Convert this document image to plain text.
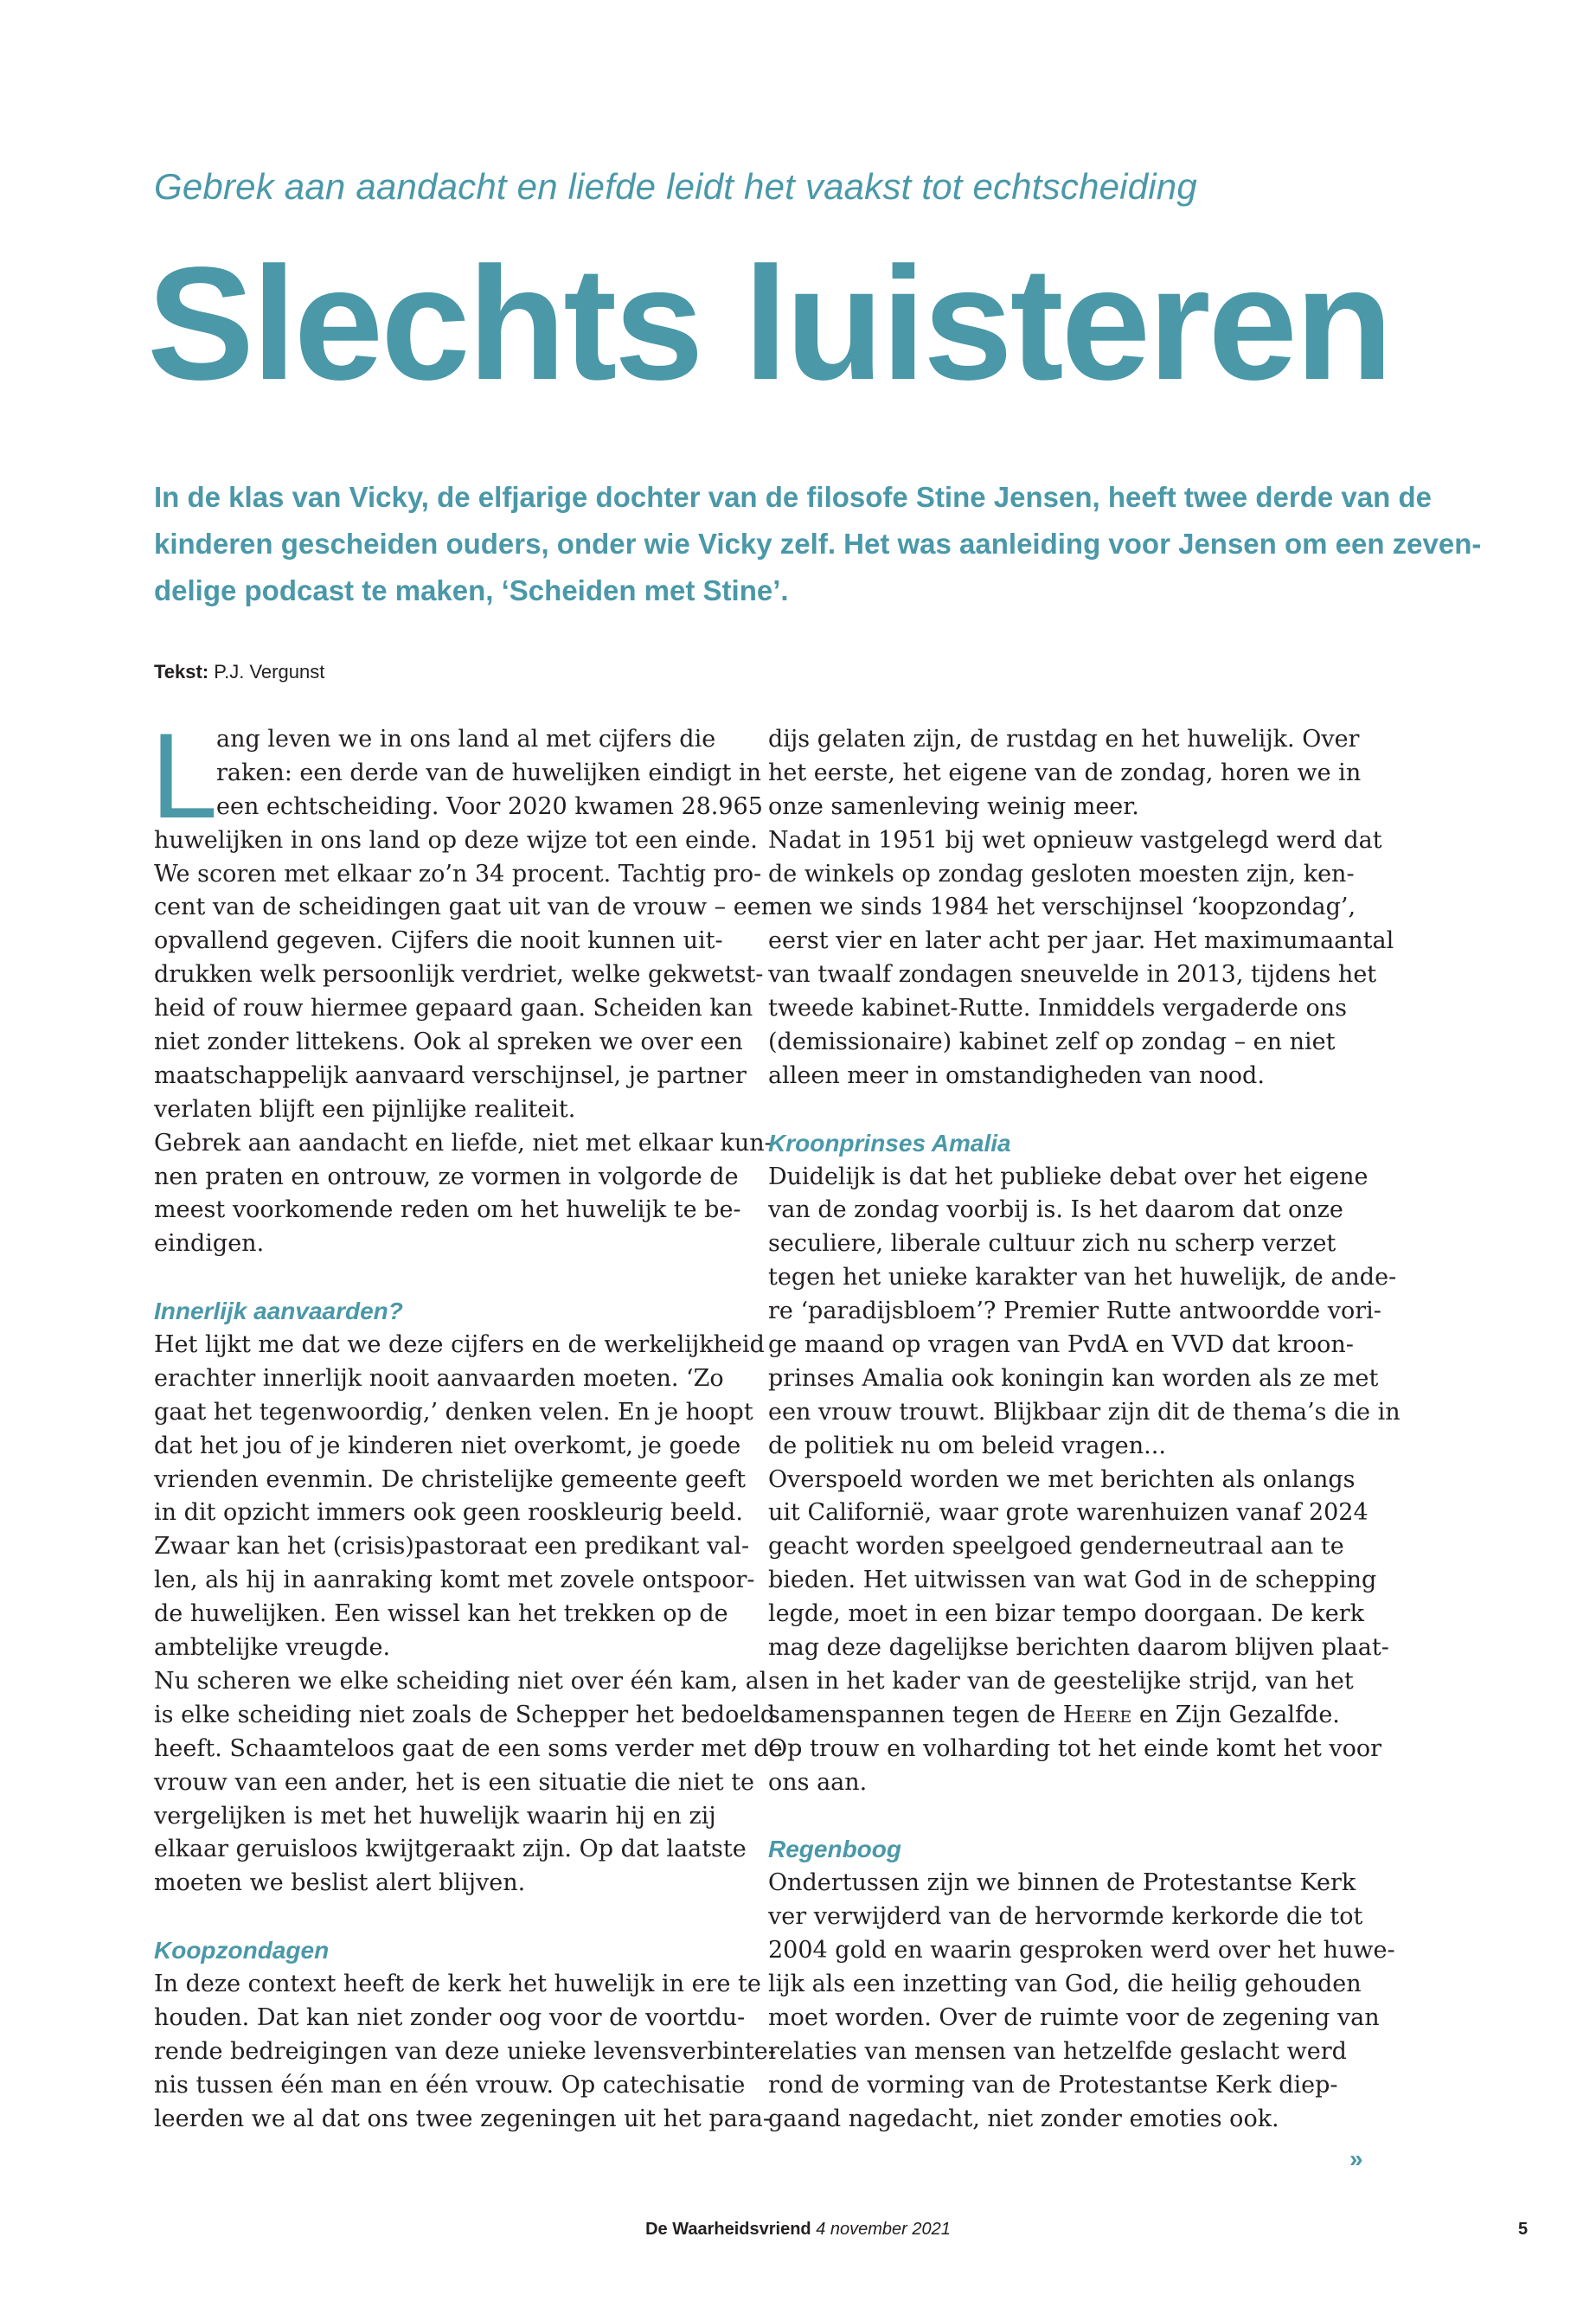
Gebrek aan aandacht en liefde leidt het vaakst tot echtscheiding
Slechts luisteren
In de klas van Vicky, de elfjarige dochter van de filosofe Stine Jensen, heeft twee derde van de
kinderen gescheiden ouders, onder wie Vicky zelf. Het was aanleiding voor Jensen om een zeven-
delige podcast te maken, ‘Scheiden met Stine’.
Tekst: P.J. Vergunst
L
ang leven we in ons land al met cijfers die
raken: een derde van de huwelijken eindigt in
een echtscheiding. Voor 2020 kwamen 28.965
huwelijken in ons land op deze wijze tot een einde.
We scoren met elkaar zo’n 34 procent. Tachtig pro-
cent van de scheidingen gaat uit van de vrouw – een
opvallend gegeven. Cijfers die nooit kunnen uit-
drukken welk persoonlijk verdriet, welke gekwetst-
heid of rouw hiermee gepaard gaan. Scheiden kan
niet zonder littekens. Ook al spreken we over een
maatschappelijk aanvaard verschijnsel, je partner
verlaten blijft een pijnlijke realiteit.
Gebrek aan aandacht en liefde, niet met elkaar kun-
nen praten en ontrouw, ze vormen in volgorde de
meest voorkomende reden om het huwelijk te be-
eindigen.
Innerlijk aanvaarden?
Het lijkt me dat we deze cijfers en de werkelijkheid
erachter innerlijk nooit aanvaarden moeten. ‘Zo
gaat het tegenwoordig,’ denken velen. En je hoopt
dat het jou of je kinderen niet overkomt, je goede
vrienden evenmin. De christelijke gemeente geeft
in dit opzicht immers ook geen rooskleurig beeld.
Zwaar kan het (crisis)pastoraat een predikant val-
len, als hij in aanraking komt met zovele ontspoor-
de huwelijken. Een wissel kan het trekken op de
ambtelijke vreugde.
Nu scheren we elke scheiding niet over één kam, al
is elke scheiding niet zoals de Schepper het bedoeld
heeft. Schaamteloos gaat de een soms verder met de
vrouw van een ander, het is een situatie die niet te
vergelijken is met het huwelijk waarin hij en zij
elkaar geruisloos kwijtgeraakt zijn. Op dat laatste
moeten we beslist alert blijven.
Koopzondagen
In deze context heeft de kerk het huwelijk in ere te
houden. Dat kan niet zonder oog voor de voortdu-
rende bedreigingen van deze unieke levensverbinte-
nis tussen één man en één vrouw. Op catechisatie
leerden we al dat ons twee zegeningen uit het para-
dijs gelaten zijn, de rustdag en het huwelijk. Over
het eerste, het eigene van de zondag, horen we in
onze samenleving weinig meer.
Nadat in 1951 bij wet opnieuw vastgelegd werd dat
de winkels op zondag gesloten moesten zijn, ken-
nen we sinds 1984 het verschijnsel ‘koopzondag’,
eerst vier en later acht per jaar. Het maximumaantal
van twaalf zondagen sneuvelde in 2013, tijdens het
tweede kabinet-Rutte. Inmiddels vergaderde ons
(demissionaire) kabinet zelf op zondag – en niet
alleen meer in omstandigheden van nood.
Kroonprinses Amalia
Duidelijk is dat het publieke debat over het eigene
van de zondag voorbij is. Is het daarom dat onze
seculiere, liberale cultuur zich nu scherp verzet
tegen het unieke karakter van het huwelijk, de ande-
re ‘paradijsbloem’? Premier Rutte antwoordde vori-
ge maand op vragen van PvdA en VVD dat kroon-
prinses Amalia ook koningin kan worden als ze met
een vrouw trouwt. Blijkbaar zijn dit de thema’s die in
de politiek nu om beleid vragen...
Overspoeld worden we met berichten als onlangs
uit Californië, waar grote warenhuizen vanaf 2024
geacht worden speelgoed genderneutraal aan te
bieden. Het uitwissen van wat God in de schepping
legde, moet in een bizar tempo doorgaan. De kerk
mag deze dagelijkse berichten daarom blijven plaat-
sen in het kader van de geestelijke strijd, van het
samenspannen tegen de Heere en Zijn Gezalfde.
Op trouw en volharding tot het einde komt het voor
ons aan.
Regenboog
Ondertussen zijn we binnen de Protestantse Kerk
ver verwijderd van de hervormde kerkorde die tot
2004 gold en waarin gesproken werd over het huwe-
lijk als een inzetting van God, die heilig gehouden
moet worden. Over de ruimte voor de zegening van
relaties van mensen van hetzelfde geslacht werd
rond de vorming van de Protestantse Kerk diep-
gaand nagedacht, niet zonder emoties ook.
»
De Waarheidsvriend 4 november 2021	5
